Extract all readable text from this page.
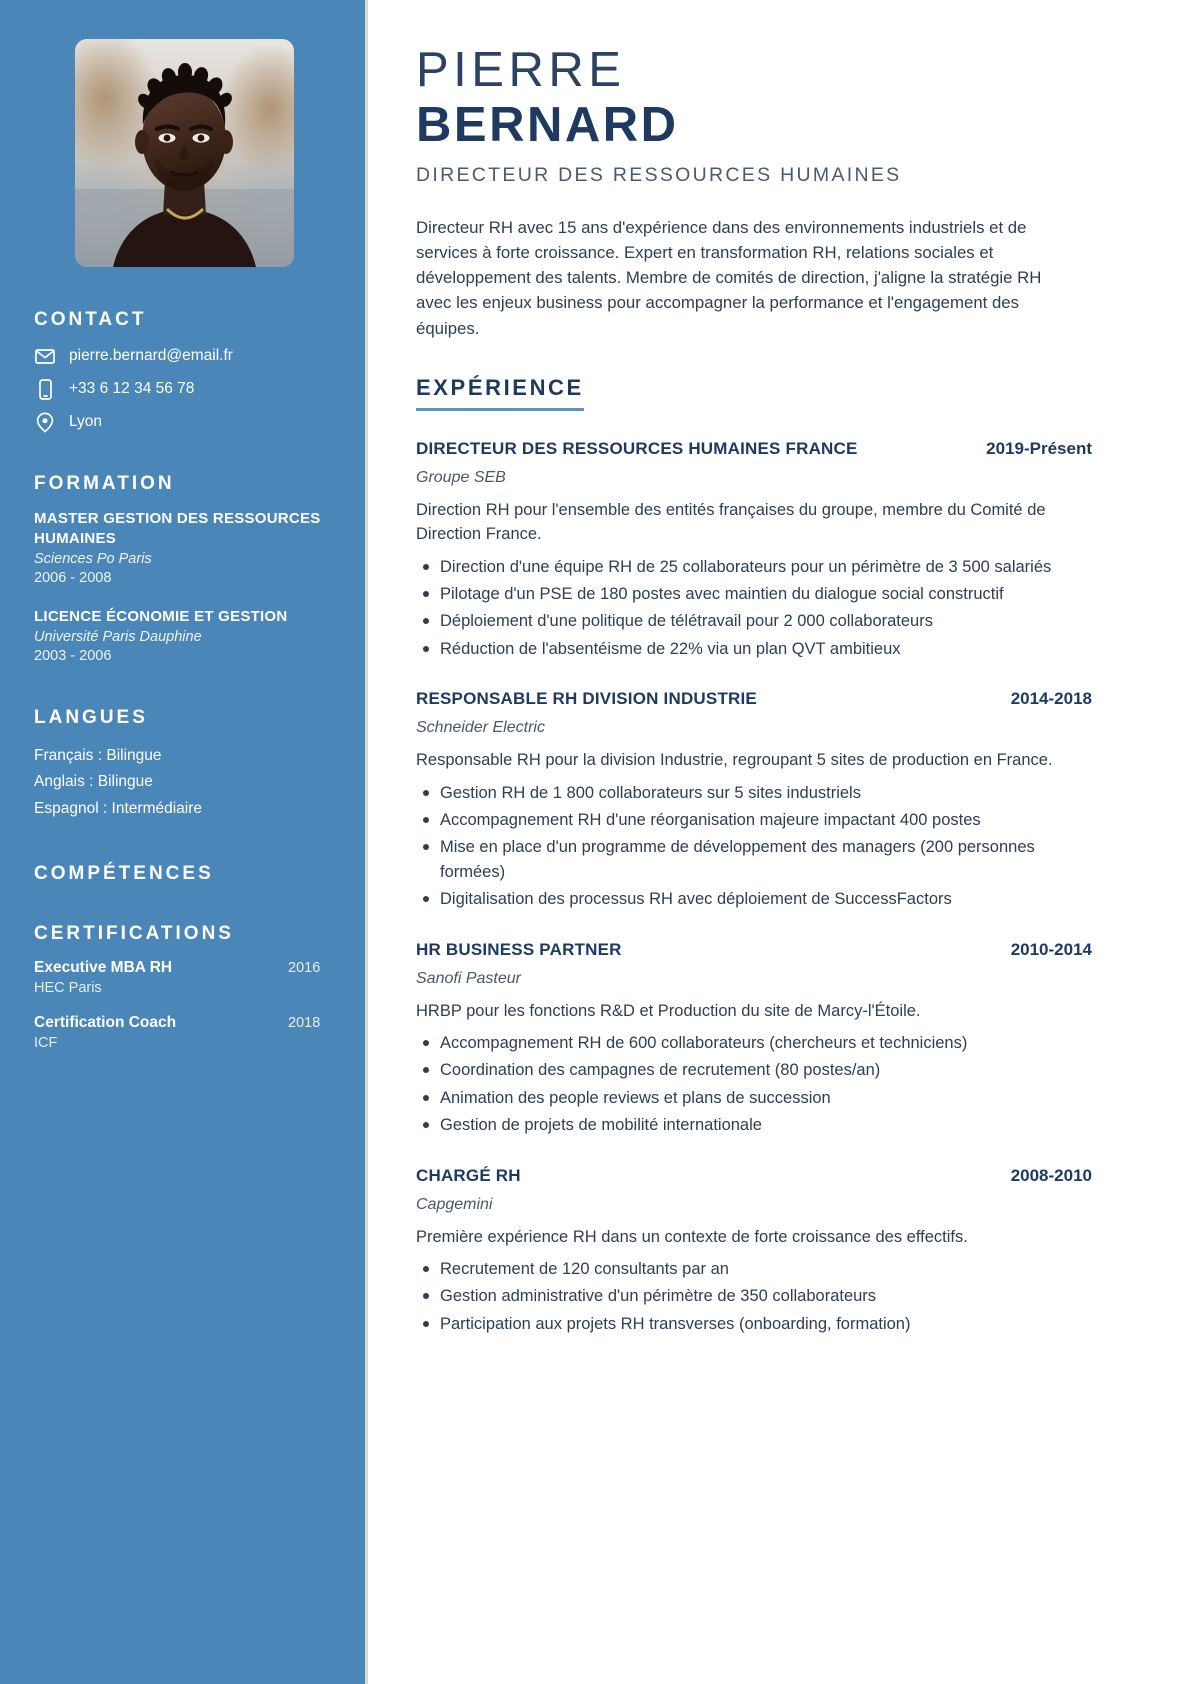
CONTACT
pierre.bernard@email.fr
+33 6 12 34 56 78
Lyon
FORMATION
MASTER GESTION DES RESSOURCES HUMAINES
Sciences Po Paris
2006 - 2008
LICENCE ÉCONOMIE ET GESTION
Université Paris Dauphine
2003 - 2006
LANGUES
Français : Bilingue
Anglais : Bilingue
Espagnol : Intermédiaire
COMPÉTENCES
CERTIFICATIONS
Executive MBA RH	2016
HEC Paris
Certification Coach	2018
ICF
PIERRE
BERNARD
DIRECTEUR DES RESSOURCES HUMAINES

Directeur RH avec 15 ans d'expérience dans des environnements industriels et de services à forte croissance. Expert en transformation RH, relations sociales et développement des talents. Membre de comités de direction, j'aligne la stratégie RH avec les enjeux business pour accompagner la performance et l'engagement des équipes.

EXPÉRIENCE
DIRECTEUR DES RESSOURCES HUMAINES FRANCE	2019-Présent
Groupe SEB
Direction RH pour l'ensemble des entités françaises du groupe, membre du Comité de Direction France.
Direction d'une équipe RH de 25 collaborateurs pour un périmètre de 3 500 salariés
Pilotage d'un PSE de 180 postes avec maintien du dialogue social constructif
Déploiement d'une politique de télétravail pour 2 000 collaborateurs
Réduction de l'absentéisme de 22% via un plan QVT ambitieux
RESPONSABLE RH DIVISION INDUSTRIE	2014-2018
Schneider Electric
Responsable RH pour la division Industrie, regroupant 5 sites de production en France.
Gestion RH de 1 800 collaborateurs sur 5 sites industriels
Accompagnement RH d'une réorganisation majeure impactant 400 postes
Mise en place d'un programme de développement des managers (200 personnes formées)
Digitalisation des processus RH avec déploiement de SuccessFactors
HR BUSINESS PARTNER	2010-2014
Sanofi Pasteur
HRBP pour les fonctions R&D et Production du site de Marcy-l'Étoile.
Accompagnement RH de 600 collaborateurs (chercheurs et techniciens)
Coordination des campagnes de recrutement (80 postes/an)
Animation des people reviews et plans de succession
Gestion de projets de mobilité internationale
CHARGÉ RH	2008-2010
Capgemini
Première expérience RH dans un contexte de forte croissance des effectifs.
Recrutement de 120 consultants par an
Gestion administrative d'un périmètre de 350 collaborateurs
Participation aux projets RH transverses (onboarding, formation)
